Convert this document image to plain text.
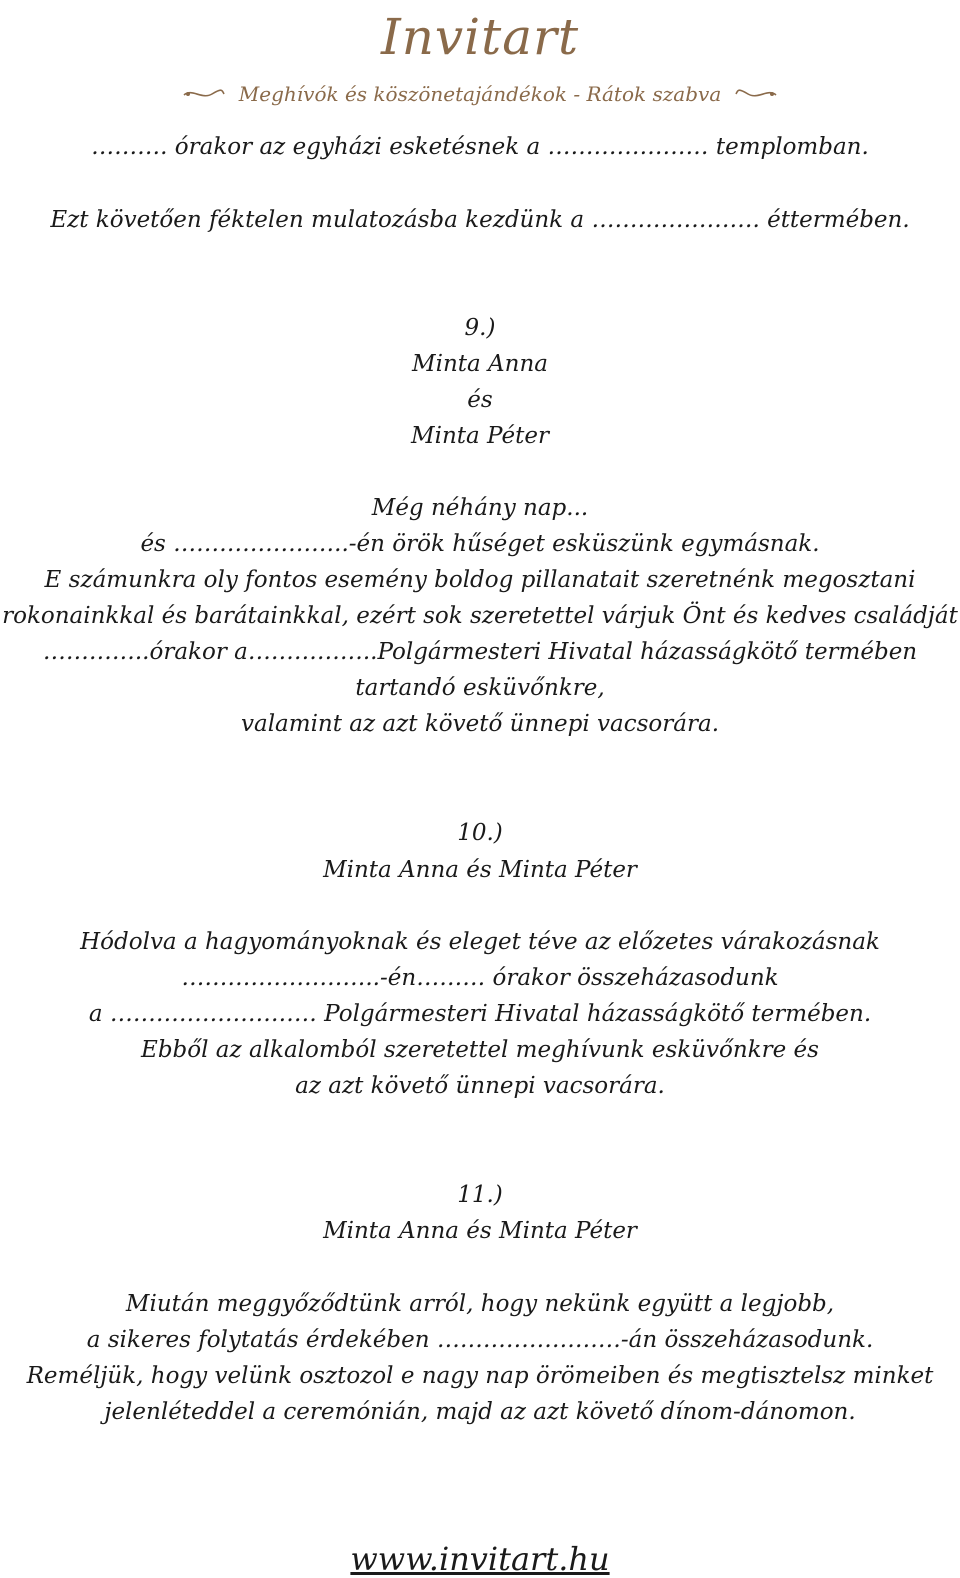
Invitart
Meghívók és köszönetajándékok - Rátok szabva
………. órakor az egyházi esketésnek a ………………… templomban.
Ezt követően féktelen mulatozásba kezdünk a …………………. éttermében.
9.)
Minta Anna
és
Minta Péter
Még néhány nap...
és …………………..-én örök hűséget esküszünk egymásnak.
E számunkra oly fontos esemény boldog pillanatait szeretnénk megosztani
rokonainkkal és barátainkkal, ezért sok szeretettel várjuk Önt és kedves családját
…………..órakor a……………..Polgármesteri Hivatal házasságkötő termében
tartandó esküvőnkre,
valamint az azt követő ünnepi vacsorára.
10.)
Minta Anna és Minta Péter
Hódolva a hagyományoknak és eleget téve az előzetes várakozásnak
……………………..-én……… órakor összeházasodunk
a ……………………… Polgármesteri Hivatal házasságkötő termében.
Ebből az alkalomból szeretettel meghívunk esküvőnkre és
az azt követő ünnepi vacsorára.
11.)
Minta Anna és Minta Péter
Miután meggyőződtünk arról, hogy nekünk együtt a legjobb,
a sikeres folytatás érdekében ……………………-án összeházasodunk.
Reméljük, hogy velünk osztozol e nagy nap örömeiben és megtisztelsz minket
jelenléteddel a ceremónián, majd az azt követő dínom-dánomon.
www.invitart.hu
